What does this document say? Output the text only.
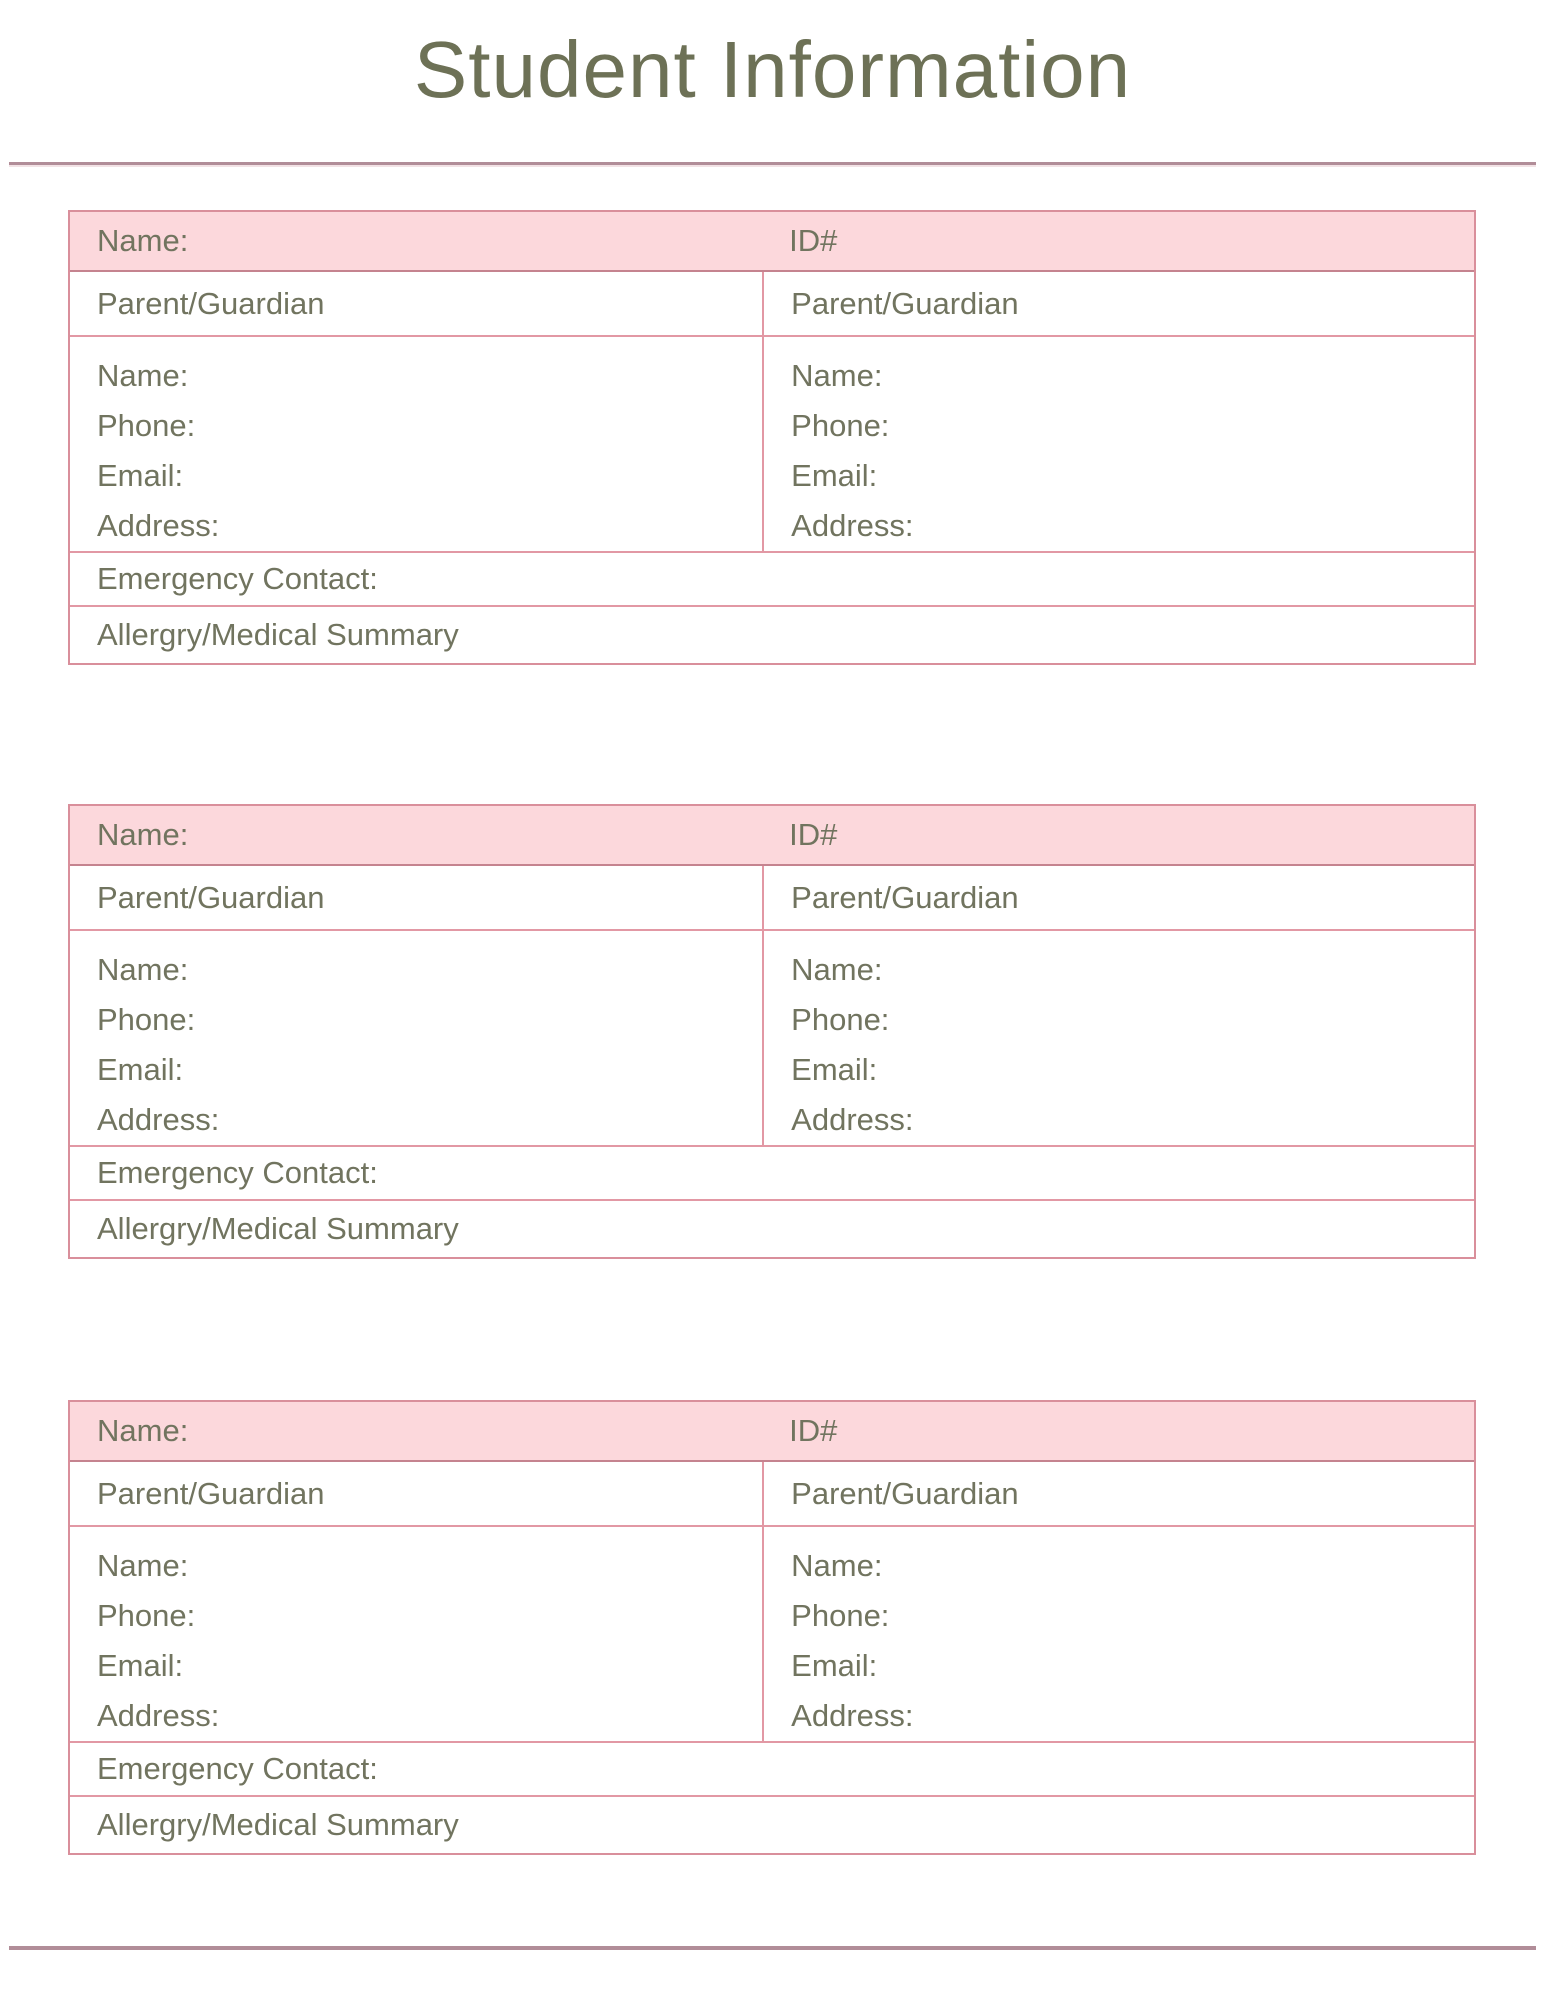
Student Information
Name:	ID#
Parent/Guardian	Parent/Guardian
Name:
Phone:
Email:
Address:
Name:
Phone:
Email:
Address:
Emergency Contact:
Allergry/Medical Summary
Name:	ID#
Parent/Guardian	Parent/Guardian
Name:
Phone:
Email:
Address:
Name:
Phone:
Email:
Address:
Emergency Contact:
Allergry/Medical Summary
Name:	ID#
Parent/Guardian	Parent/Guardian
Name:
Phone:
Email:
Address:
Name:
Phone:
Email:
Address:
Emergency Contact:
Allergry/Medical Summary
